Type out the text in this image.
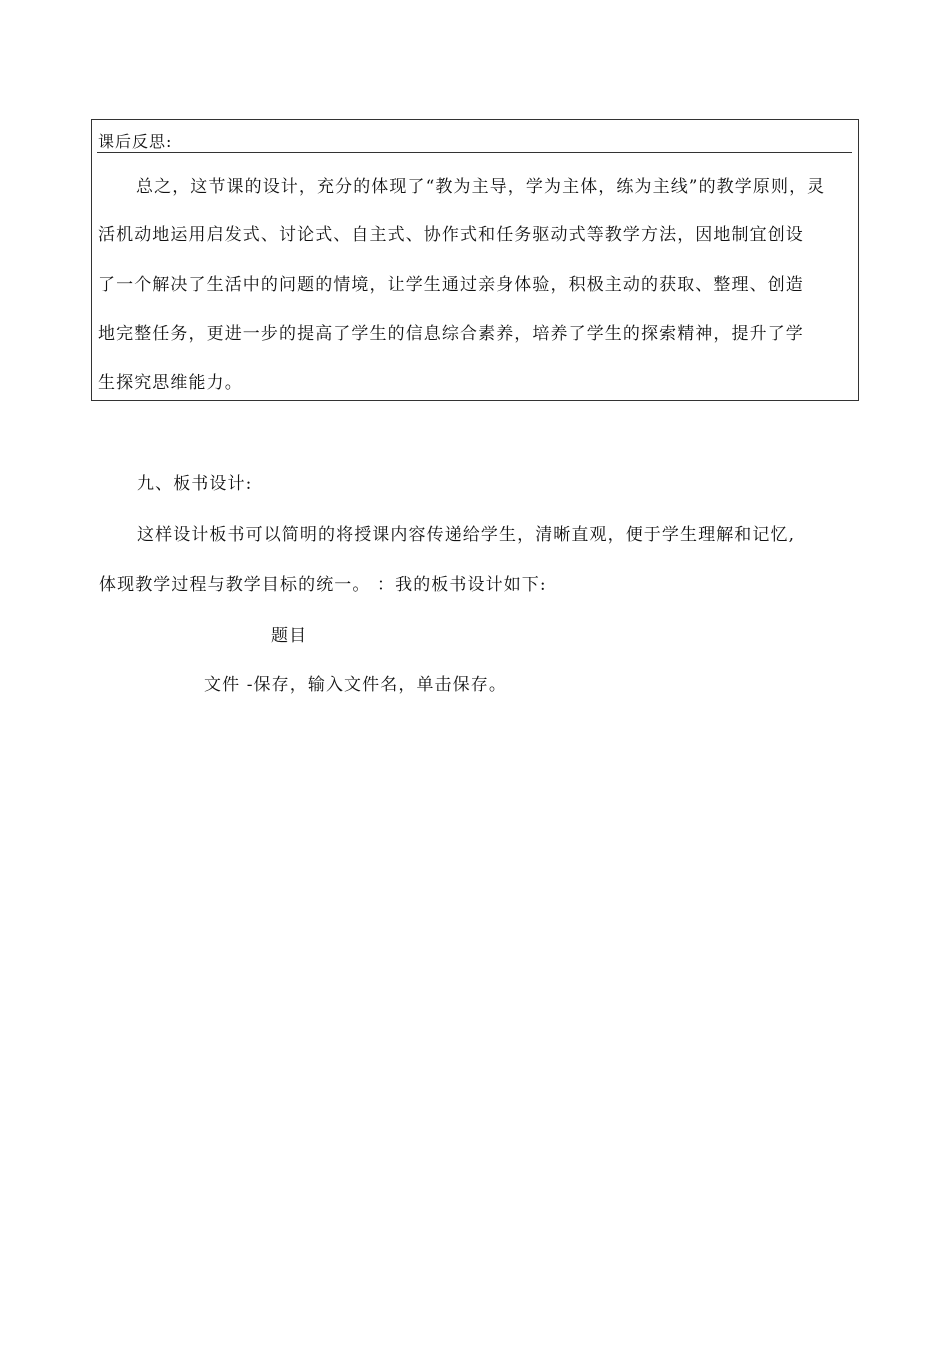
课后反思:
总之，这节课的设计，充分的体现了“教为主导，学为主体，练为主线”的教学原则，灵
活机动地运用启发式、讨论式、自主式、协作式和任务驱动式等教学方法，因地制宜创设
了一个解决了生活中的问题的情境，让学生通过亲身体验，积极主动的获取、整理、创造
地完整任务，更进一步的提高了学生的信息综合素养，培养了学生的探索精神，提升了学
生探究思维能力。
九、板书设计:
这样设计板书可以简明的将授课内容传递给学生，清晰直观，便于学生理解和记忆,
体现教学过程与教学目标的统一。 ：我的板书设计如下:
题目
文件 -保存，输入文件名，单击保存。
